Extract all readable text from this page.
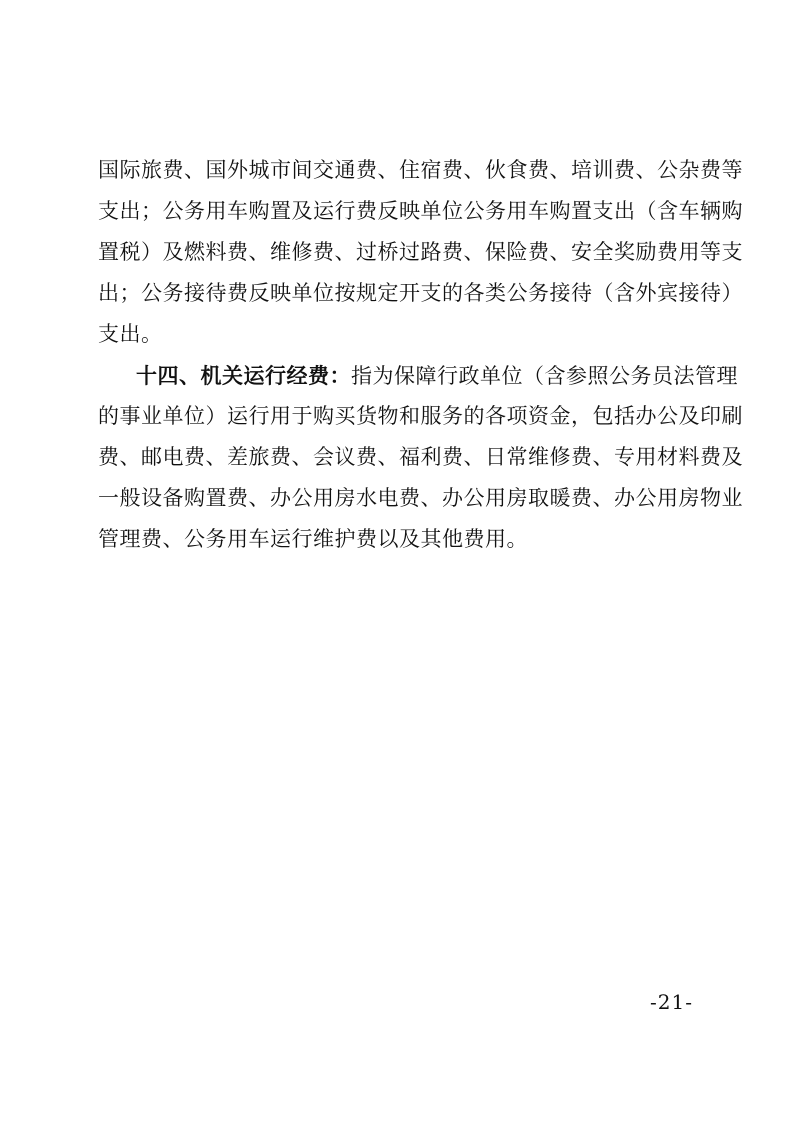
国际旅费、国外城市间交通费、住宿费、伙食费、培训费、公杂费等
支出；公务用车购置及运行费反映单位公务用车购置支出（含车辆购
置税）及燃料费、维修费、过桥过路费、保险费、安全奖励费用等支
出；公务接待费反映单位按规定开支的各类公务接待（含外宾接待）
支出。
十四、机关运行经费：指为保障行政单位（含参照公务员法管理
的事业单位）运行用于购买货物和服务的各项资金，包括办公及印刷
费、邮电费、差旅费、会议费、福利费、日常维修费、专用材料费及
一般设备购置费、办公用房水电费、办公用房取暖费、办公用房物业
管理费、公务用车运行维护费以及其他费用。
-21-
